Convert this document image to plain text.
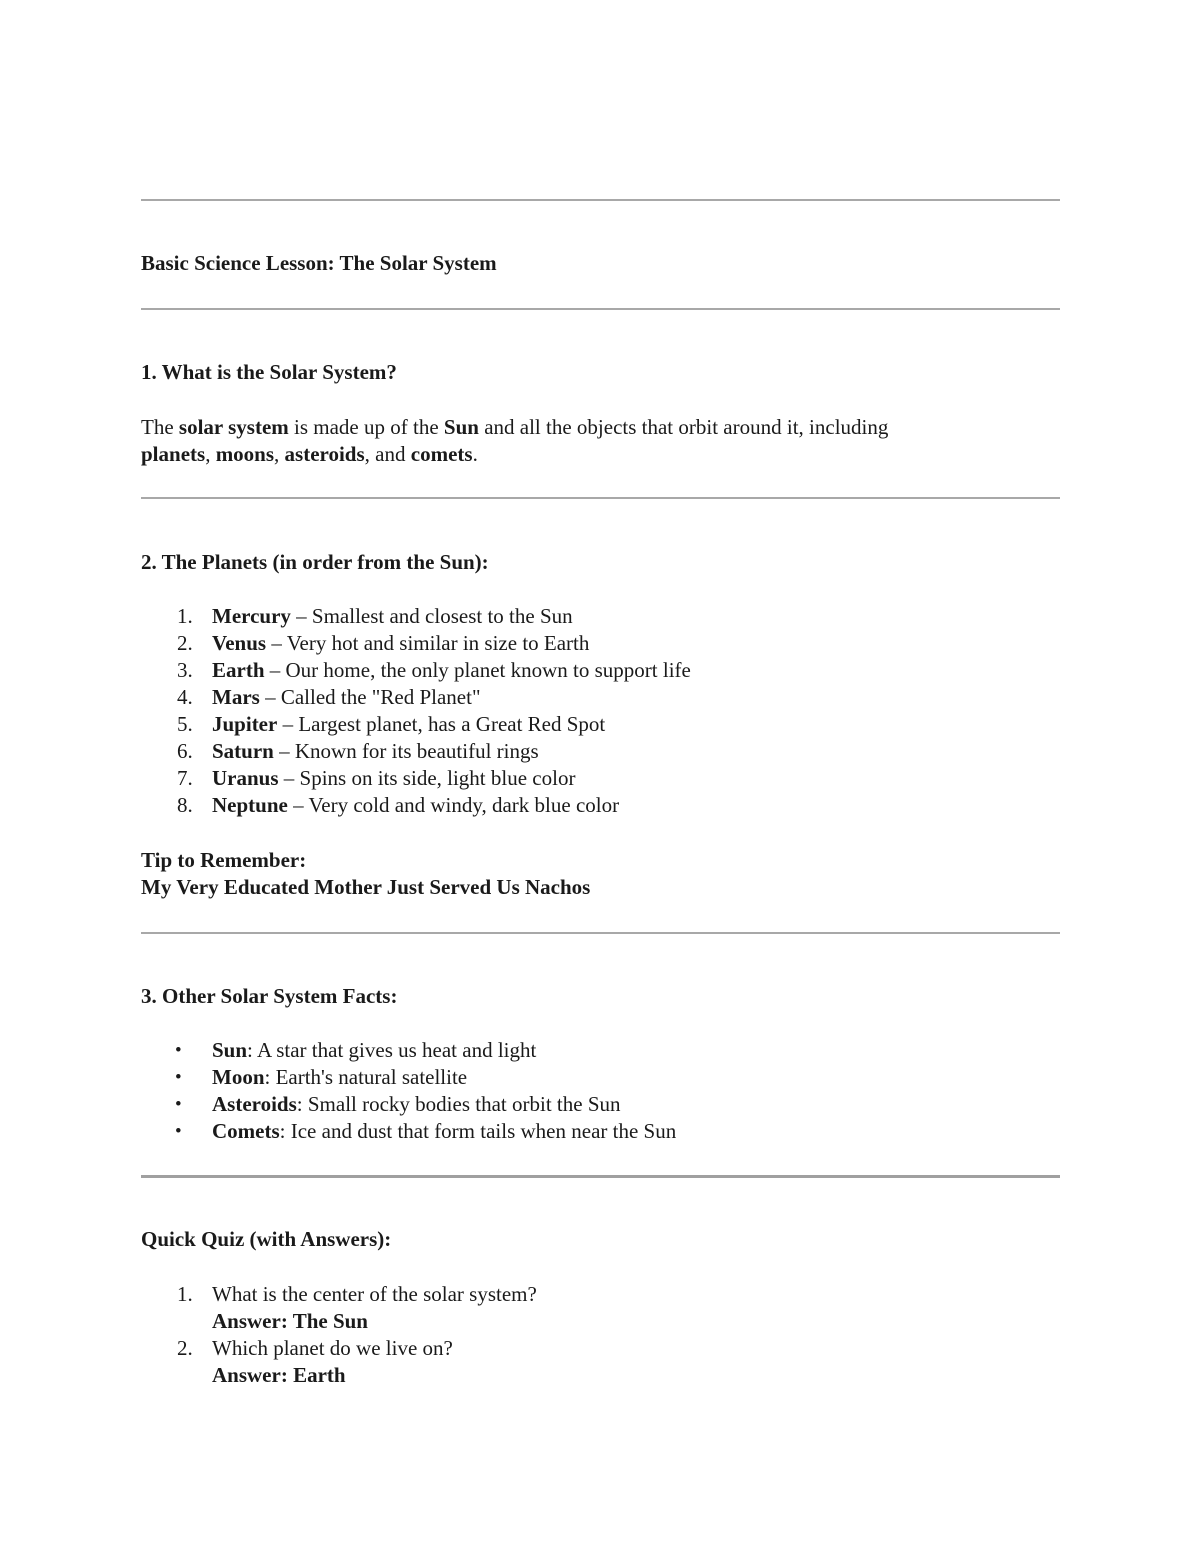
Basic Science Lesson: The Solar System
1. What is the Solar System?
The solar system is made up of the Sun and all the objects that orbit around it, including
planets, moons, asteroids, and comets.
2. The Planets (in order from the Sun):
1. Mercury – Smallest and closest to the Sun
2. Venus – Very hot and similar in size to Earth
3. Earth – Our home, the only planet known to support life
4. Mars – Called the "Red Planet"
5. Jupiter – Largest planet, has a Great Red Spot
6. Saturn – Known for its beautiful rings
7. Uranus – Spins on its side, light blue color
8. Neptune – Very cold and windy, dark blue color
Tip to Remember:
My Very Educated Mother Just Served Us Nachos
3. Other Solar System Facts:
• Sun: A star that gives us heat and light
• Moon: Earth's natural satellite
• Asteroids: Small rocky bodies that orbit the Sun
• Comets: Ice and dust that form tails when near the Sun
Quick Quiz (with Answers):
1. What is the center of the solar system?
Answer: The Sun
2. Which planet do we live on?
Answer: Earth
